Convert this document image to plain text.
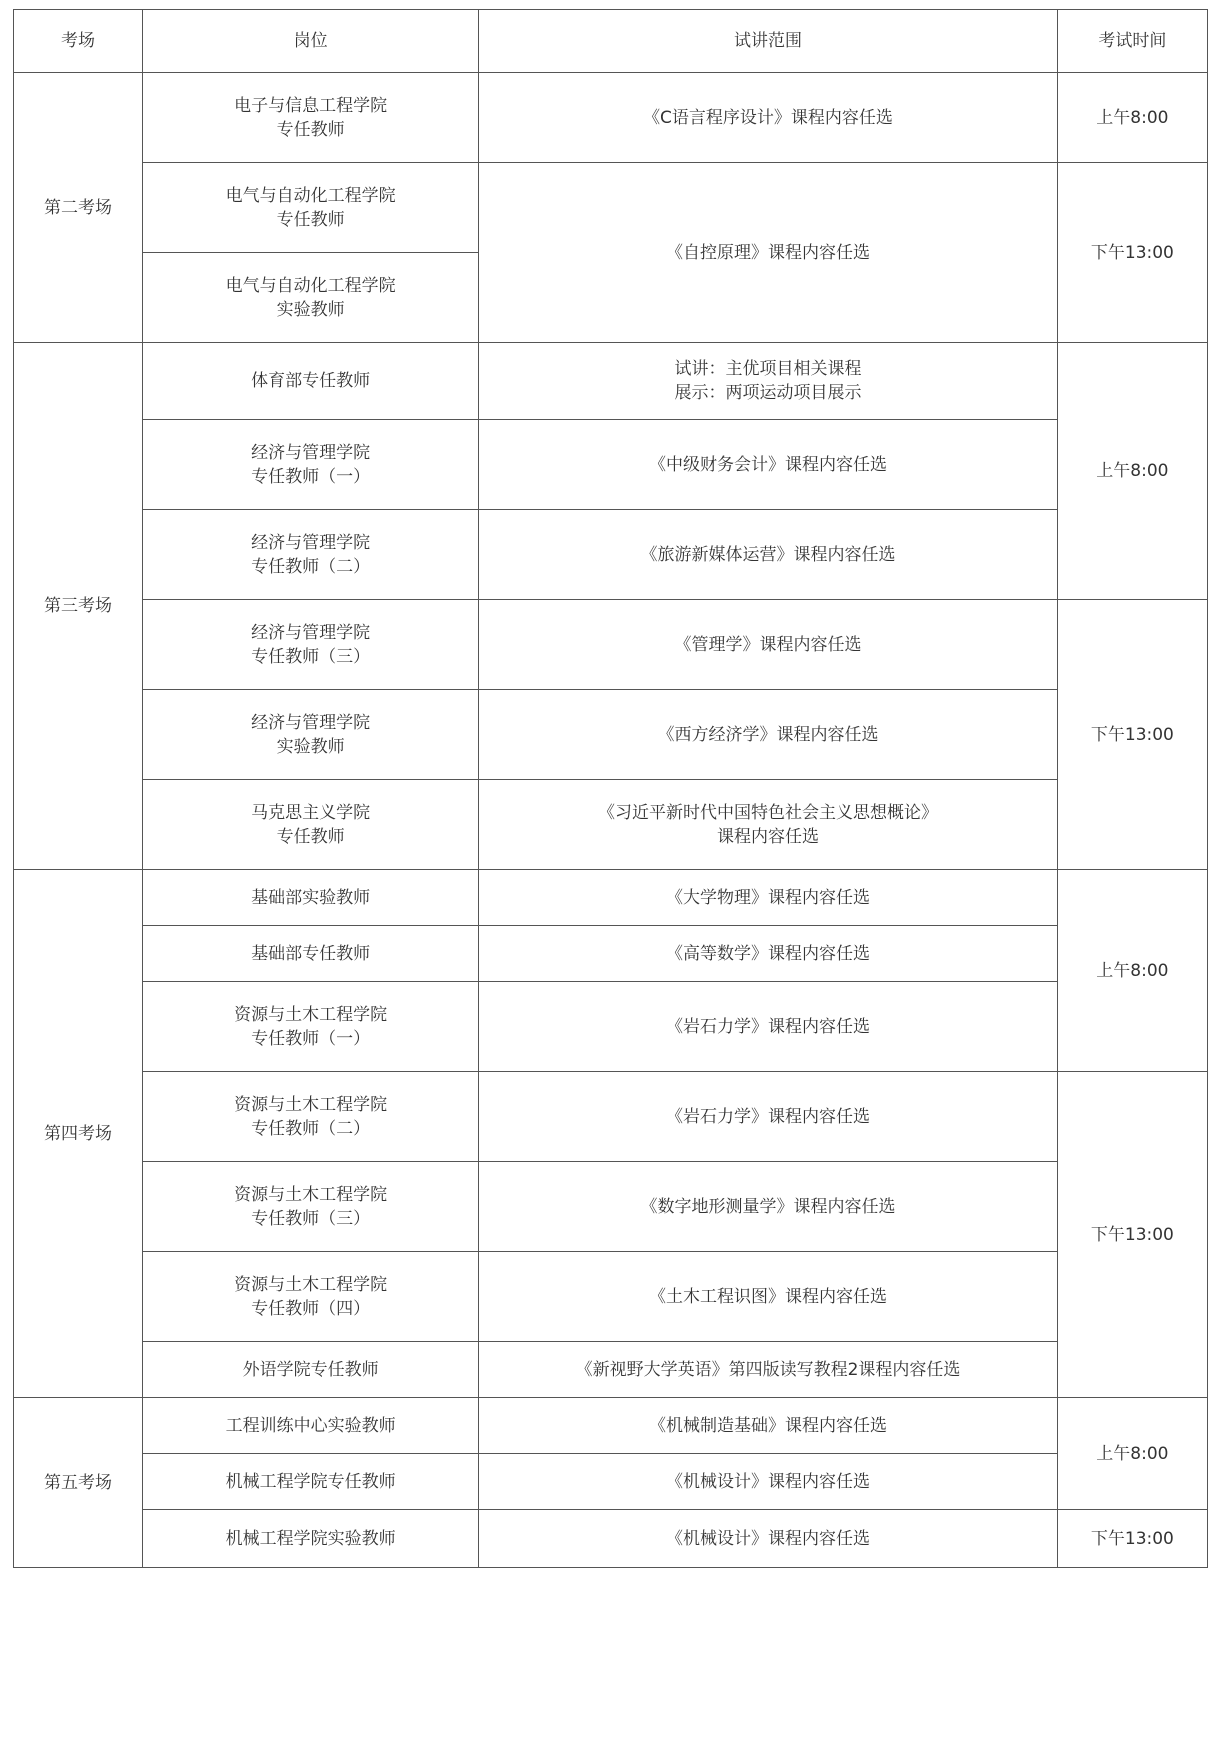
考场	岗位	试讲范围	考试时间
第二考场	电子与信息工程学院
专任教师	《C语言程序设计》课程内容任选	上午8:00

	电气与自动化工程学院
专任教师	《自控原理》课程内容任选	下午13:00

	电气与自动化工程学院
实验教师		

第三考场	体育部专任教师	试讲：主优项目相关课程
展示：两项运动项目展示	上午8:00

	经济与管理学院
专任教师（一）	《中级财务会计》课程内容任选	

	经济与管理学院
专任教师（二）	《旅游新媒体运营》课程内容任选	

	经济与管理学院
专任教师（三）	《管理学》课程内容任选	下午13:00

	经济与管理学院
实验教师	《西方经济学》课程内容任选	

	马克思主义学院
专任教师	《习近平新时代中国特色社会主义思想概论》
课程内容任选	

第四考场	基础部实验教师	《大学物理》课程内容任选	上午8:00

	基础部专任教师	《高等数学》课程内容任选	

	资源与土木工程学院
专任教师（一）	《岩石力学》课程内容任选	

	资源与土木工程学院
专任教师（二）	《岩石力学》课程内容任选	下午13:00

	资源与土木工程学院
专任教师（三）	《数字地形测量学》课程内容任选	

	资源与土木工程学院
专任教师（四）	《土木工程识图》课程内容任选	

	外语学院专任教师	《新视野大学英语》第四版读写教程2课程内容任选	

第五考场	工程训练中心实验教师	《机械制造基础》课程内容任选	上午8:00

	机械工程学院专任教师	《机械设计》课程内容任选	

	机械工程学院实验教师	《机械设计》课程内容任选	下午13:00
